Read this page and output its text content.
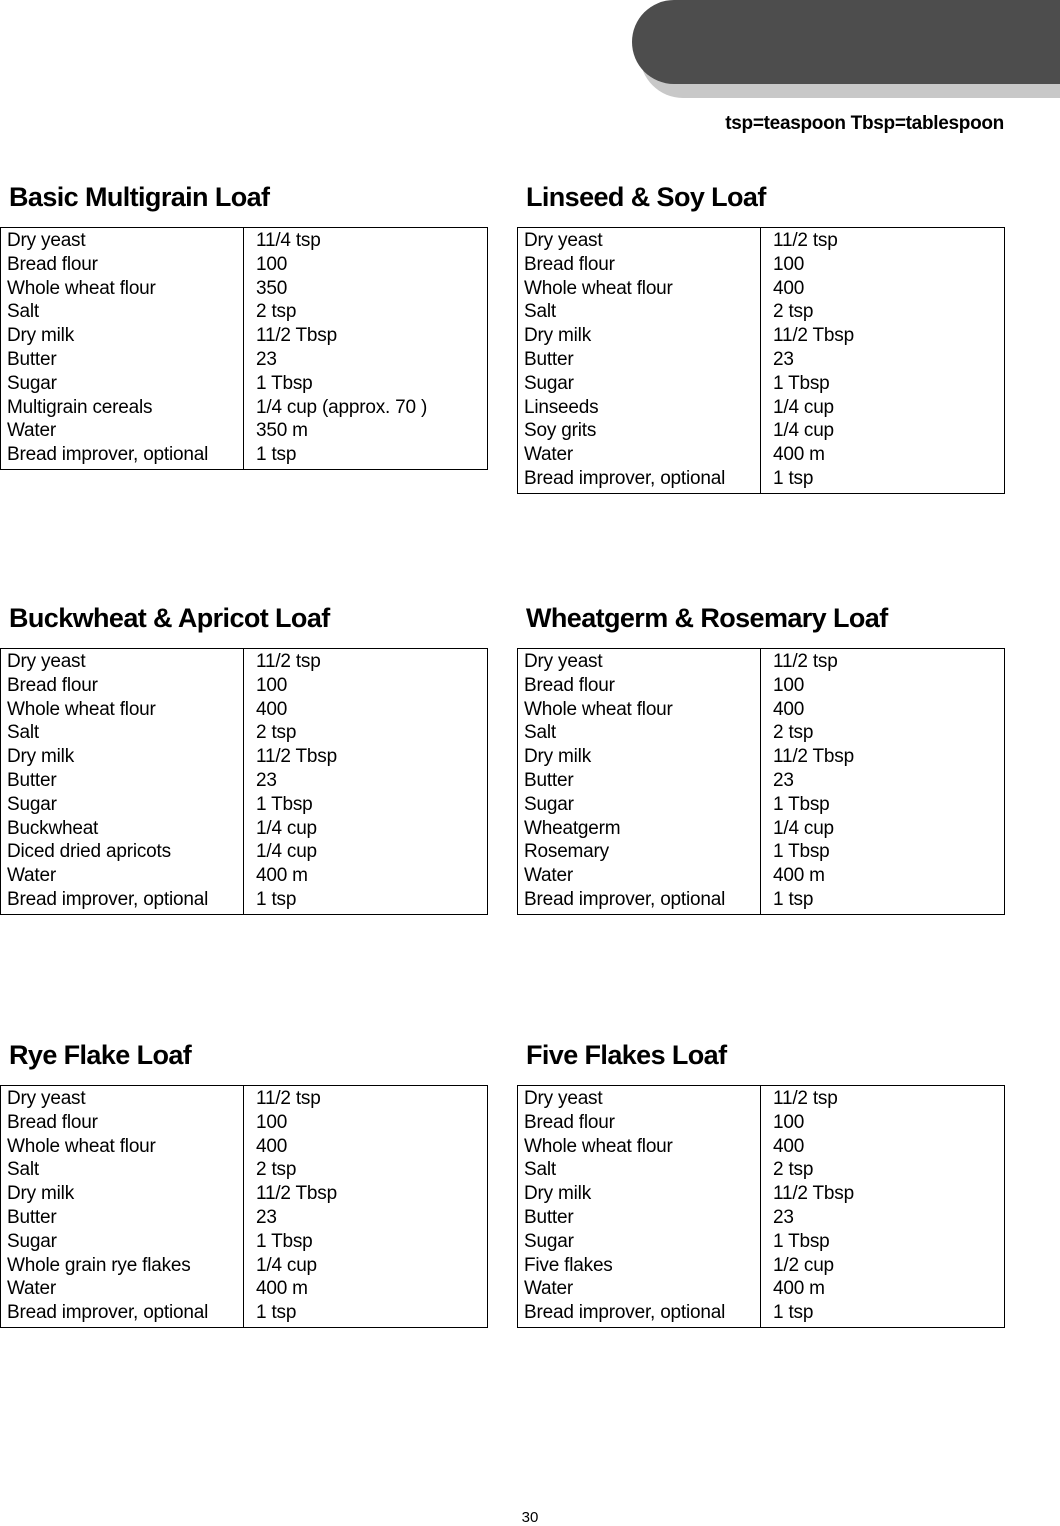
tsp=teaspoon Tbsp=tablespoon
Basic Multigrain Loaf
Dry yeast	11/4 tsp
Bread flour	100
Whole wheat flour	350
Salt	2 tsp
Dry milk	11/2 Tbsp
Butter	23
Sugar	1 Tbsp
Multigrain cereals	1/4 cup (approx. 70 )
Water	350 m
Bread improver, optional	1 tsp
Linseed & Soy Loaf
Dry yeast	11/2 tsp
Bread flour	100
Whole wheat flour	400
Salt	2 tsp
Dry milk	11/2 Tbsp
Butter	23
Sugar	1 Tbsp
Linseeds	1/4 cup
Soy grits	1/4 cup
Water	400 m
Bread improver, optional	1 tsp
Buckwheat & Apricot Loaf
Dry yeast	11/2 tsp
Bread flour	100
Whole wheat flour	400
Salt	2 tsp
Dry milk	11/2 Tbsp
Butter	23
Sugar	1 Tbsp
Buckwheat	1/4 cup
Diced dried apricots	1/4 cup
Water	400 m
Bread improver, optional	1 tsp
Wheatgerm & Rosemary Loaf
Dry yeast	11/2 tsp
Bread flour	100
Whole wheat flour	400
Salt	2 tsp
Dry milk	11/2 Tbsp
Butter	23
Sugar	1 Tbsp
Wheatgerm	1/4 cup
Rosemary	1 Tbsp
Water	400 m
Bread improver, optional	1 tsp
Rye Flake Loaf
Dry yeast	11/2 tsp
Bread flour	100
Whole wheat flour	400
Salt	2 tsp
Dry milk	11/2 Tbsp
Butter	23
Sugar	1 Tbsp
Whole grain rye flakes	1/4 cup
Water	400 m
Bread improver, optional	1 tsp
Five Flakes Loaf
Dry yeast	11/2 tsp
Bread flour	100
Whole wheat flour	400
Salt	2 tsp
Dry milk	11/2 Tbsp
Butter	23
Sugar	1 Tbsp
Five flakes	1/2 cup
Water	400 m
Bread improver, optional	1 tsp
30
